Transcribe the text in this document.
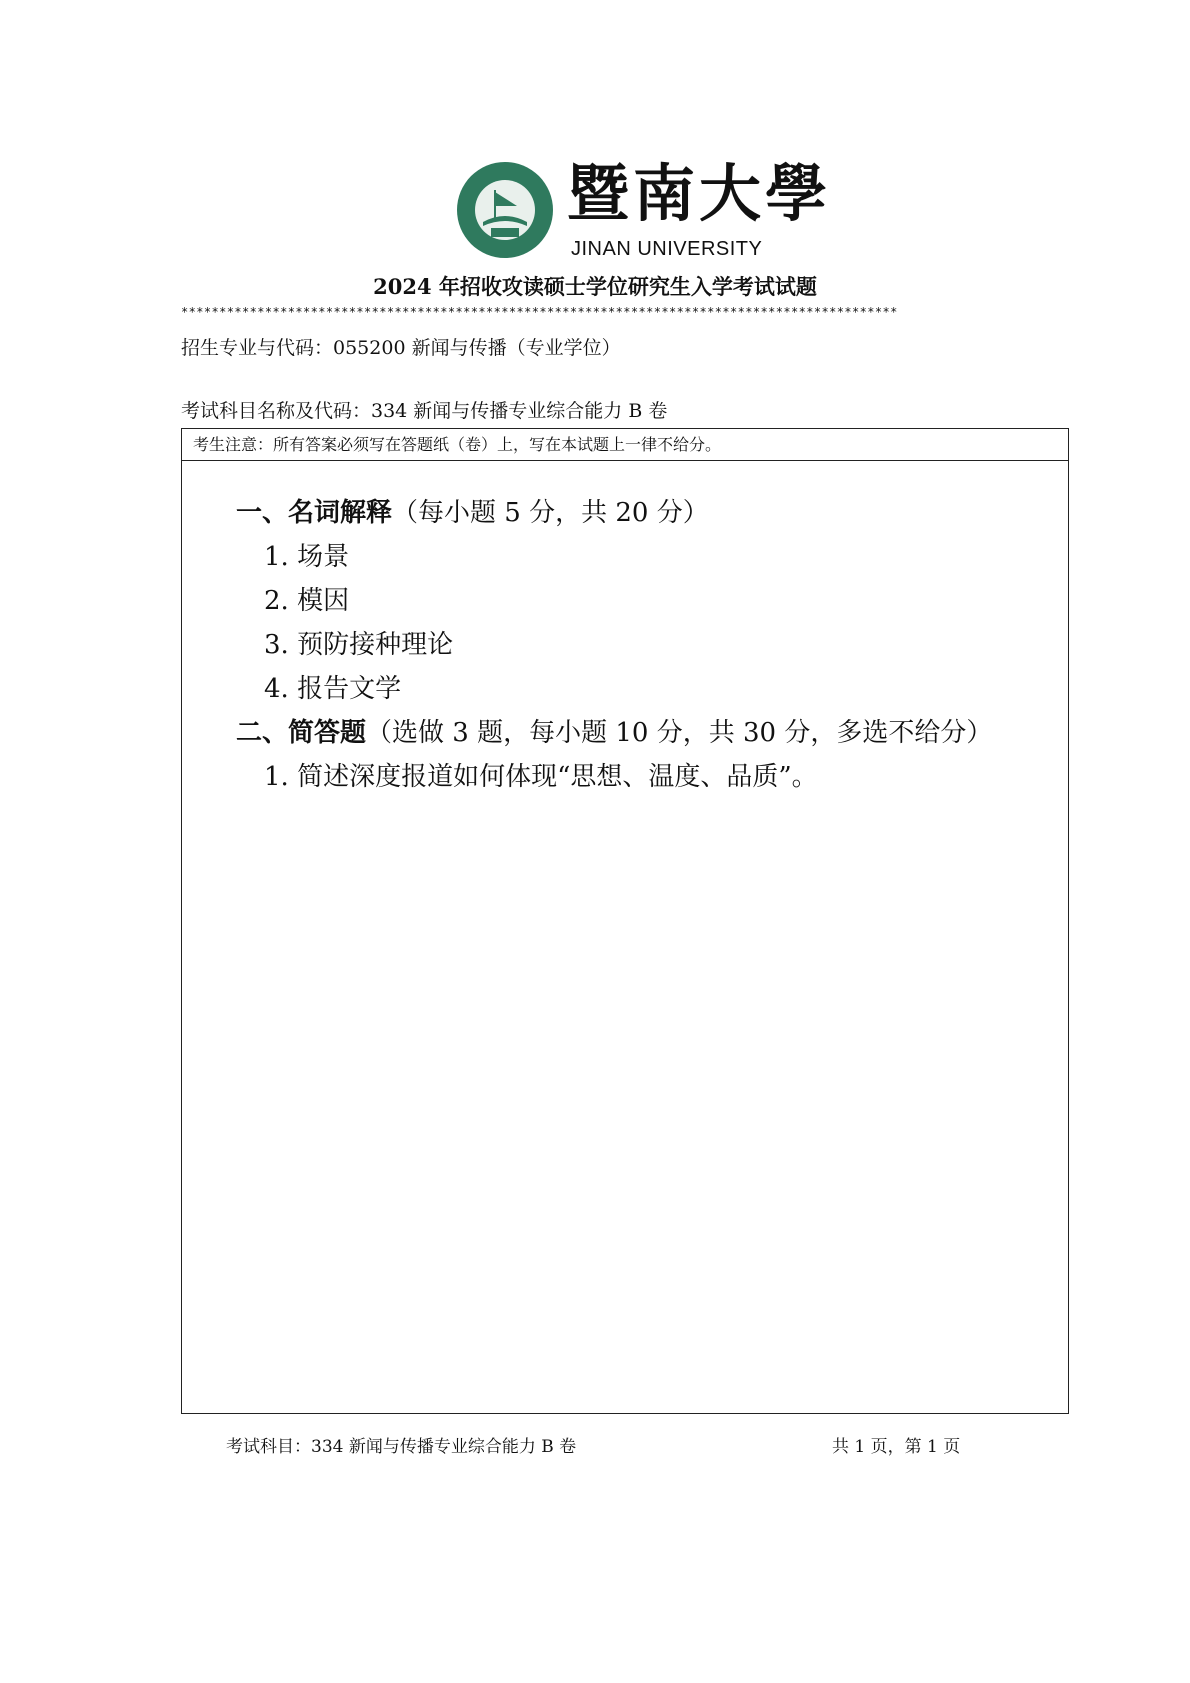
暨南大學
JINAN UNIVERSITY
2024 年招收攻读硕士学位研究生入学考试试题
**********************************************************************************************
招生专业与代码：055200 新闻与传播（专业学位）
考试科目名称及代码：334 新闻与传播专业综合能力 B 卷
考生注意：所有答案必须写在答题纸（卷）上，写在本试题上一律不给分。
一、名词解释（每小题 5 分，共 20 分）
1. 场景
2. 模因
3. 预防接种理论
4. 报告文学
二、简答题（选做 3 题，每小题 10 分，共 30 分，多选不给分）
1. 简述深度报道如何体现“思想、温度、品质”。
考试科目：334 新闻与传播专业综合能力 B 卷	共 1 页，第 1 页
